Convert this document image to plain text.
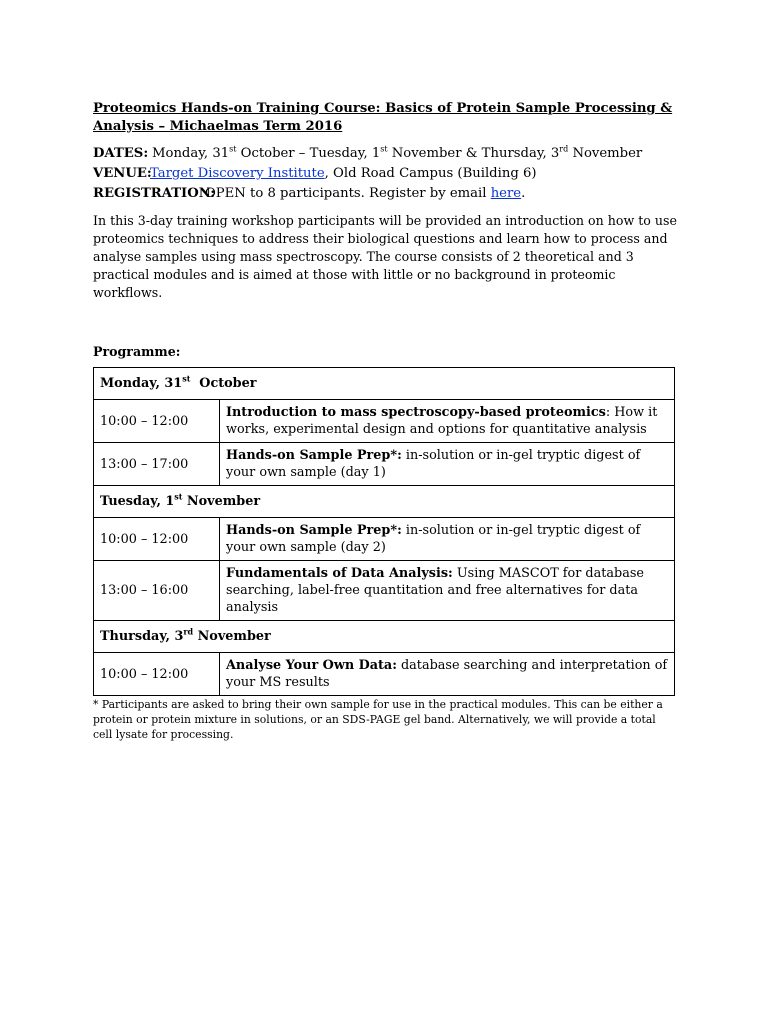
Proteomics Hands-on Training Course: Basics of Protein Sample Processing & Analysis – Michaelmas Term 2016

DATES: Monday, 31st October – Tuesday, 1st November & Thursday, 3rd November
VENUE:Target Discovery Institute, Old Road Campus (Building 6)
REGISTRATION:OPEN to 8 participants. Register by email here.

In this 3-day training workshop participants will be provided an introduction on how to use proteomics techniques to address their biological questions and learn how to process and analyse samples using mass spectroscopy. The course consists of 2 theoretical and 3 practical modules and is aimed at those with little or no background in proteomic workflows.

Programme:
Monday, 31st  October	
10:00 – 12:00	Introduction to mass spectroscopy-based proteomics: How it works, experimental design and options for quantitative analysis
13:00 – 17:00	Hands-on Sample Prep*: in-solution or in-gel tryptic digest of your own sample (day 1)
Tuesday, 1st November	
10:00 – 12:00	Hands-on Sample Prep*: in-solution or in-gel tryptic digest of your own sample (day 2)
13:00 – 16:00	Fundamentals of Data Analysis: Using MASCOT for database searching, label-free quantitation and free alternatives for data analysis
Thursday, 3rd November	
10:00 – 12:00	Analyse Your Own Data: database searching and interpretation of your MS results

* Participants are asked to bring their own sample for use in the practical modules. This can be either a protein or protein mixture in solutions, or an SDS-PAGE gel band. Alternatively, we will provide a total cell lysate for processing.
